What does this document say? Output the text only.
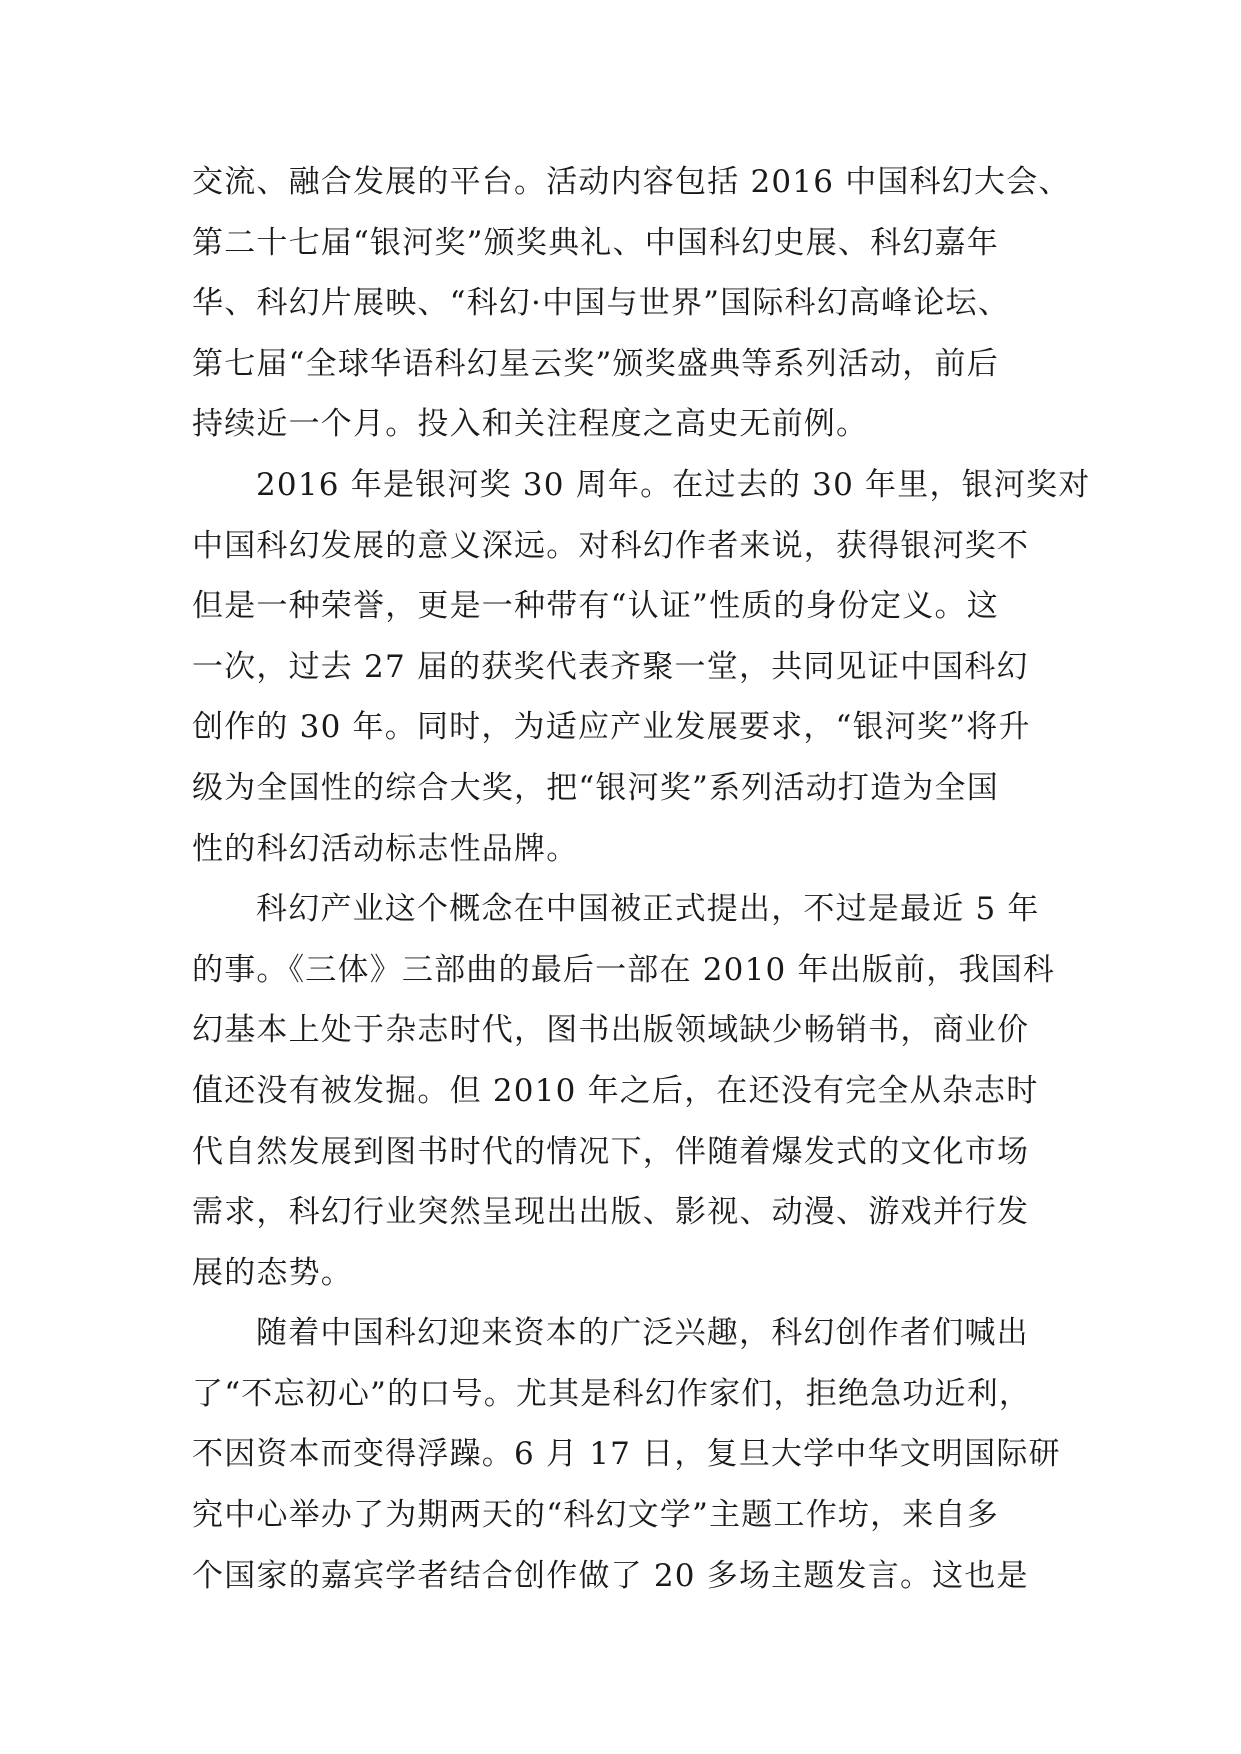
交流、融合发展的平台。活动内容包括 2016 中国科幻大会、
第二十七届“银河奖”颁奖典礼、中国科幻史展、科幻嘉年
华、科幻片展映、“科幻·中国与世界”国际科幻高峰论坛、
第七届“全球华语科幻星云奖”颁奖盛典等系列活动，前后
持续近一个月。投入和关注程度之高史无前例。
2016 年是银河奖 30 周年。在过去的 30 年里，银河奖对
中国科幻发展的意义深远。对科幻作者来说，获得银河奖不
但是一种荣誉，更是一种带有“认证”性质的身份定义。这
一次，过去 27 届的获奖代表齐聚一堂，共同见证中国科幻
创作的 30 年。同时，为适应产业发展要求，“银河奖”将升
级为全国性的综合大奖，把“银河奖”系列活动打造为全国
性的科幻活动标志性品牌。
科幻产业这个概念在中国被正式提出，不过是最近 5 年
的事。《三体》三部曲的最后一部在 2010 年出版前，我国科
幻基本上处于杂志时代，图书出版领域缺少畅销书，商业价
值还没有被发掘。但 2010 年之后，在还没有完全从杂志时
代自然发展到图书时代的情况下，伴随着爆发式的文化市场
需求，科幻行业突然呈现出出版、影视、动漫、游戏并行发
展的态势。
随着中国科幻迎来资本的广泛兴趣，科幻创作者们喊出
了“不忘初心”的口号。尤其是科幻作家们，拒绝急功近利，
不因资本而变得浮躁。6 月 17 日，复旦大学中华文明国际研
究中心举办了为期两天的“科幻文学”主题工作坊，来自多
个国家的嘉宾学者结合创作做了 20 多场主题发言。这也是
